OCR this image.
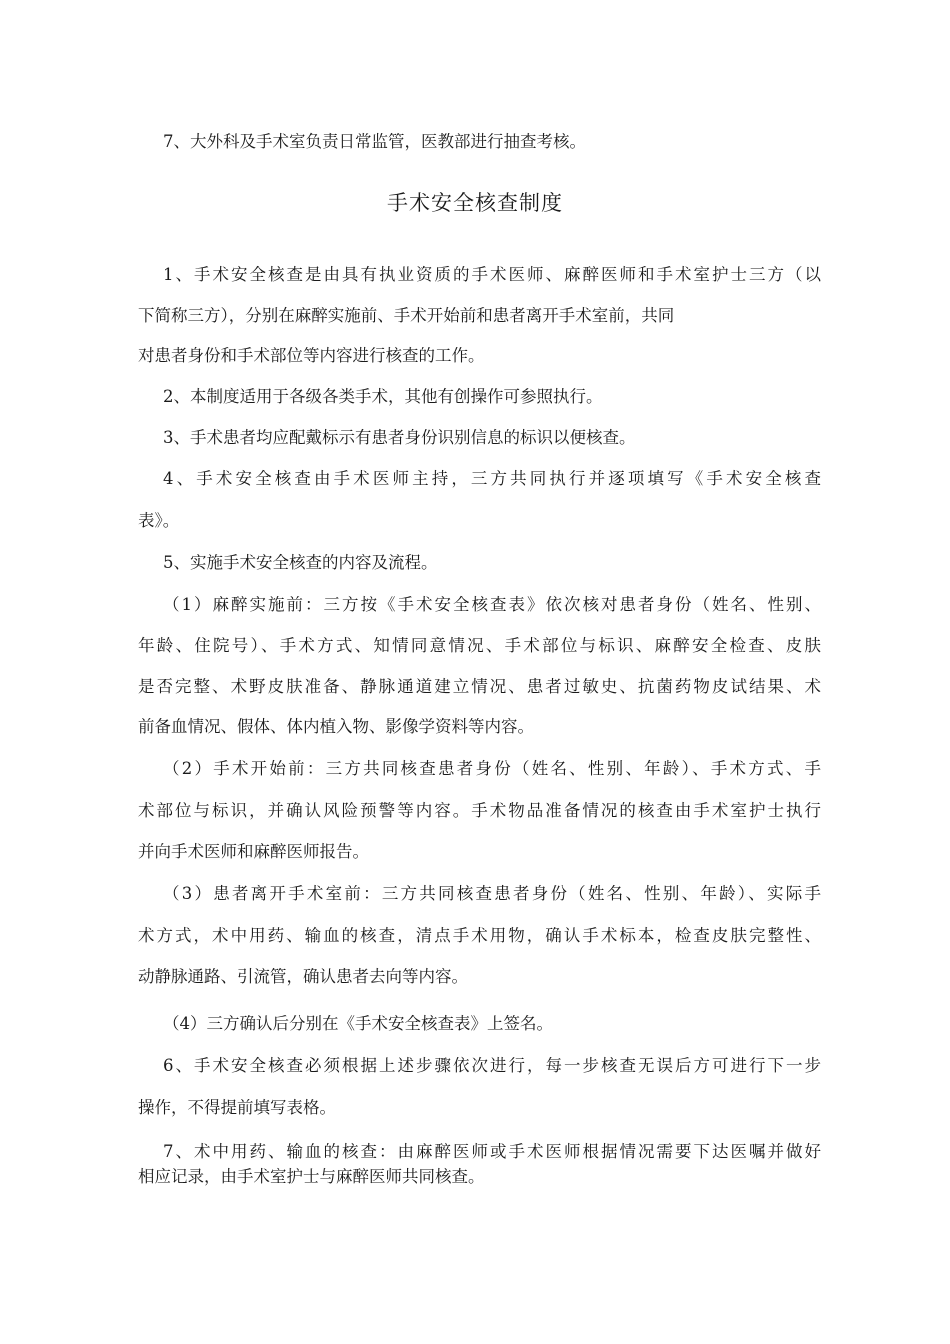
7、大外科及手术室负责日常监管，医教部进行抽查考核。
手术安全核查制度
1、手术安全核查是由具有执业资质的手术医师、麻醉医师和手术室护士三方（以
下简称三方），分别在麻醉实施前、手术开始前和患者离开手术室前，共同
对患者身份和手术部位等内容进行核查的工作。
2、本制度适用于各级各类手术，其他有创操作可参照执行。
3、手术患者均应配戴标示有患者身份识别信息的标识以便核查。
4、手术安全核查由手术医师主持，三方共同执行并逐项填写《手术安全核查
表》。
5、实施手术安全核查的内容及流程。
（1）麻醉实施前：三方按《手术安全核查表》依次核对患者身份（姓名、性别、
年龄、住院号）、手术方式、知情同意情况、手术部位与标识、麻醉安全检查、皮肤
是否完整、术野皮肤准备、静脉通道建立情况、患者过敏史、抗菌药物皮试结果、术
前备血情况、假体、体内植入物、影像学资料等内容。
（2）手术开始前：三方共同核查患者身份（姓名、性别、年龄）、手术方式、手
术部位与标识，并确认风险预警等内容。手术物品准备情况的核查由手术室护士执行
并向手术医师和麻醉医师报告。
（3）患者离开手术室前：三方共同核查患者身份（姓名、性别、年龄）、实际手
术方式，术中用药、输血的核查，清点手术用物，确认手术标本，检查皮肤完整性、
动静脉通路、引流管，确认患者去向等内容。
（4）三方确认后分别在《手术安全核查表》上签名。
6、手术安全核查必须根据上述步骤依次进行，每一步核查无误后方可进行下一步
操作，不得提前填写表格。
7、术中用药、输血的核查：由麻醉医师或手术医师根据情况需要下达医嘱并做好
相应记录，由手术室护士与麻醉医师共同核查。
